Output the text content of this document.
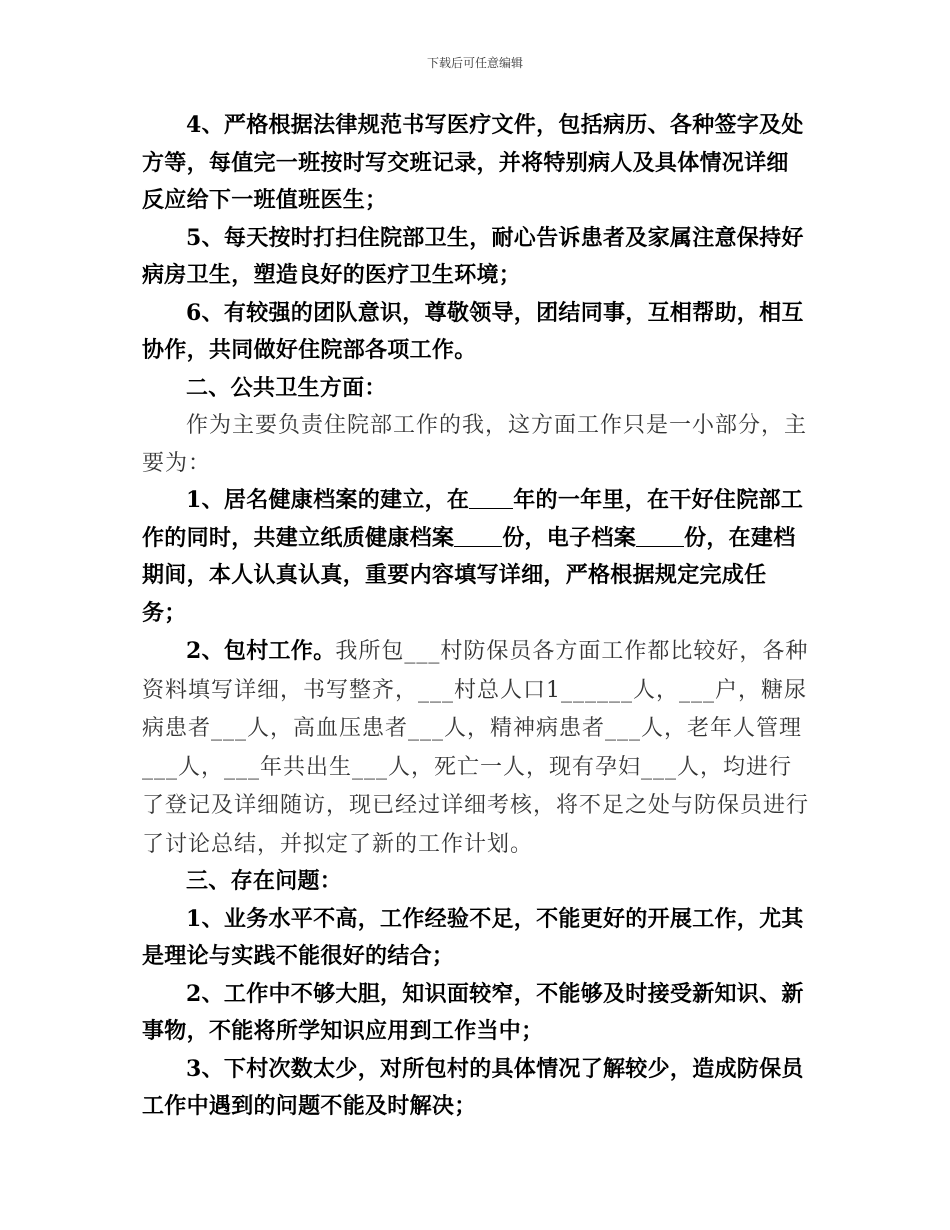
下载后可任意编辑

4、严格根据法律规范书写医疗文件，包括病历、各种签字及处方等，每值完一班按时写交班记录，并将特别病人及具体情况详细反应给下一班值班医生；

5、每天按时打扫住院部卫生，耐心告诉患者及家属注意保持好病房卫生，塑造良好的医疗卫生环境；

6、有较强的团队意识，尊敬领导，团结同事，互相帮助，相互协作，共同做好住院部各项工作。

二、公共卫生方面：

作为主要负责住院部工作的我，这方面工作只是一小部分，主要为：

1、居名健康档案的建立，在 年的一年里，在干好住院部工作的同时，共建立纸质健康档案 份，电子档案 份，在建档期间，本人认真认真，重要内容填写详细，严格根据规定完成任务；

2、包村工作。我所包___村防保员各方面工作都比较好，各种资料填写详细，书写整齐，___村总人口1______人，___户，糖尿病患者___人，高血压患者___人，精神病患者___人，老年人管理___人，___年共出生___人，死亡一人，现有孕妇___人，均进行了登记及详细随访，现已经过详细考核，将不足之处与防保员进行了讨论总结，并拟定了新的工作计划。

三、存在问题：

1、业务水平不高，工作经验不足，不能更好的开展工作，尤其是理论与实践不能很好的结合；

2、工作中不够大胆，知识面较窄，不能够及时接受新知识、新事物，不能将所学知识应用到工作当中；

3、下村次数太少，对所包村的具体情况了解较少，造成防保员工作中遇到的问题不能及时解决；
